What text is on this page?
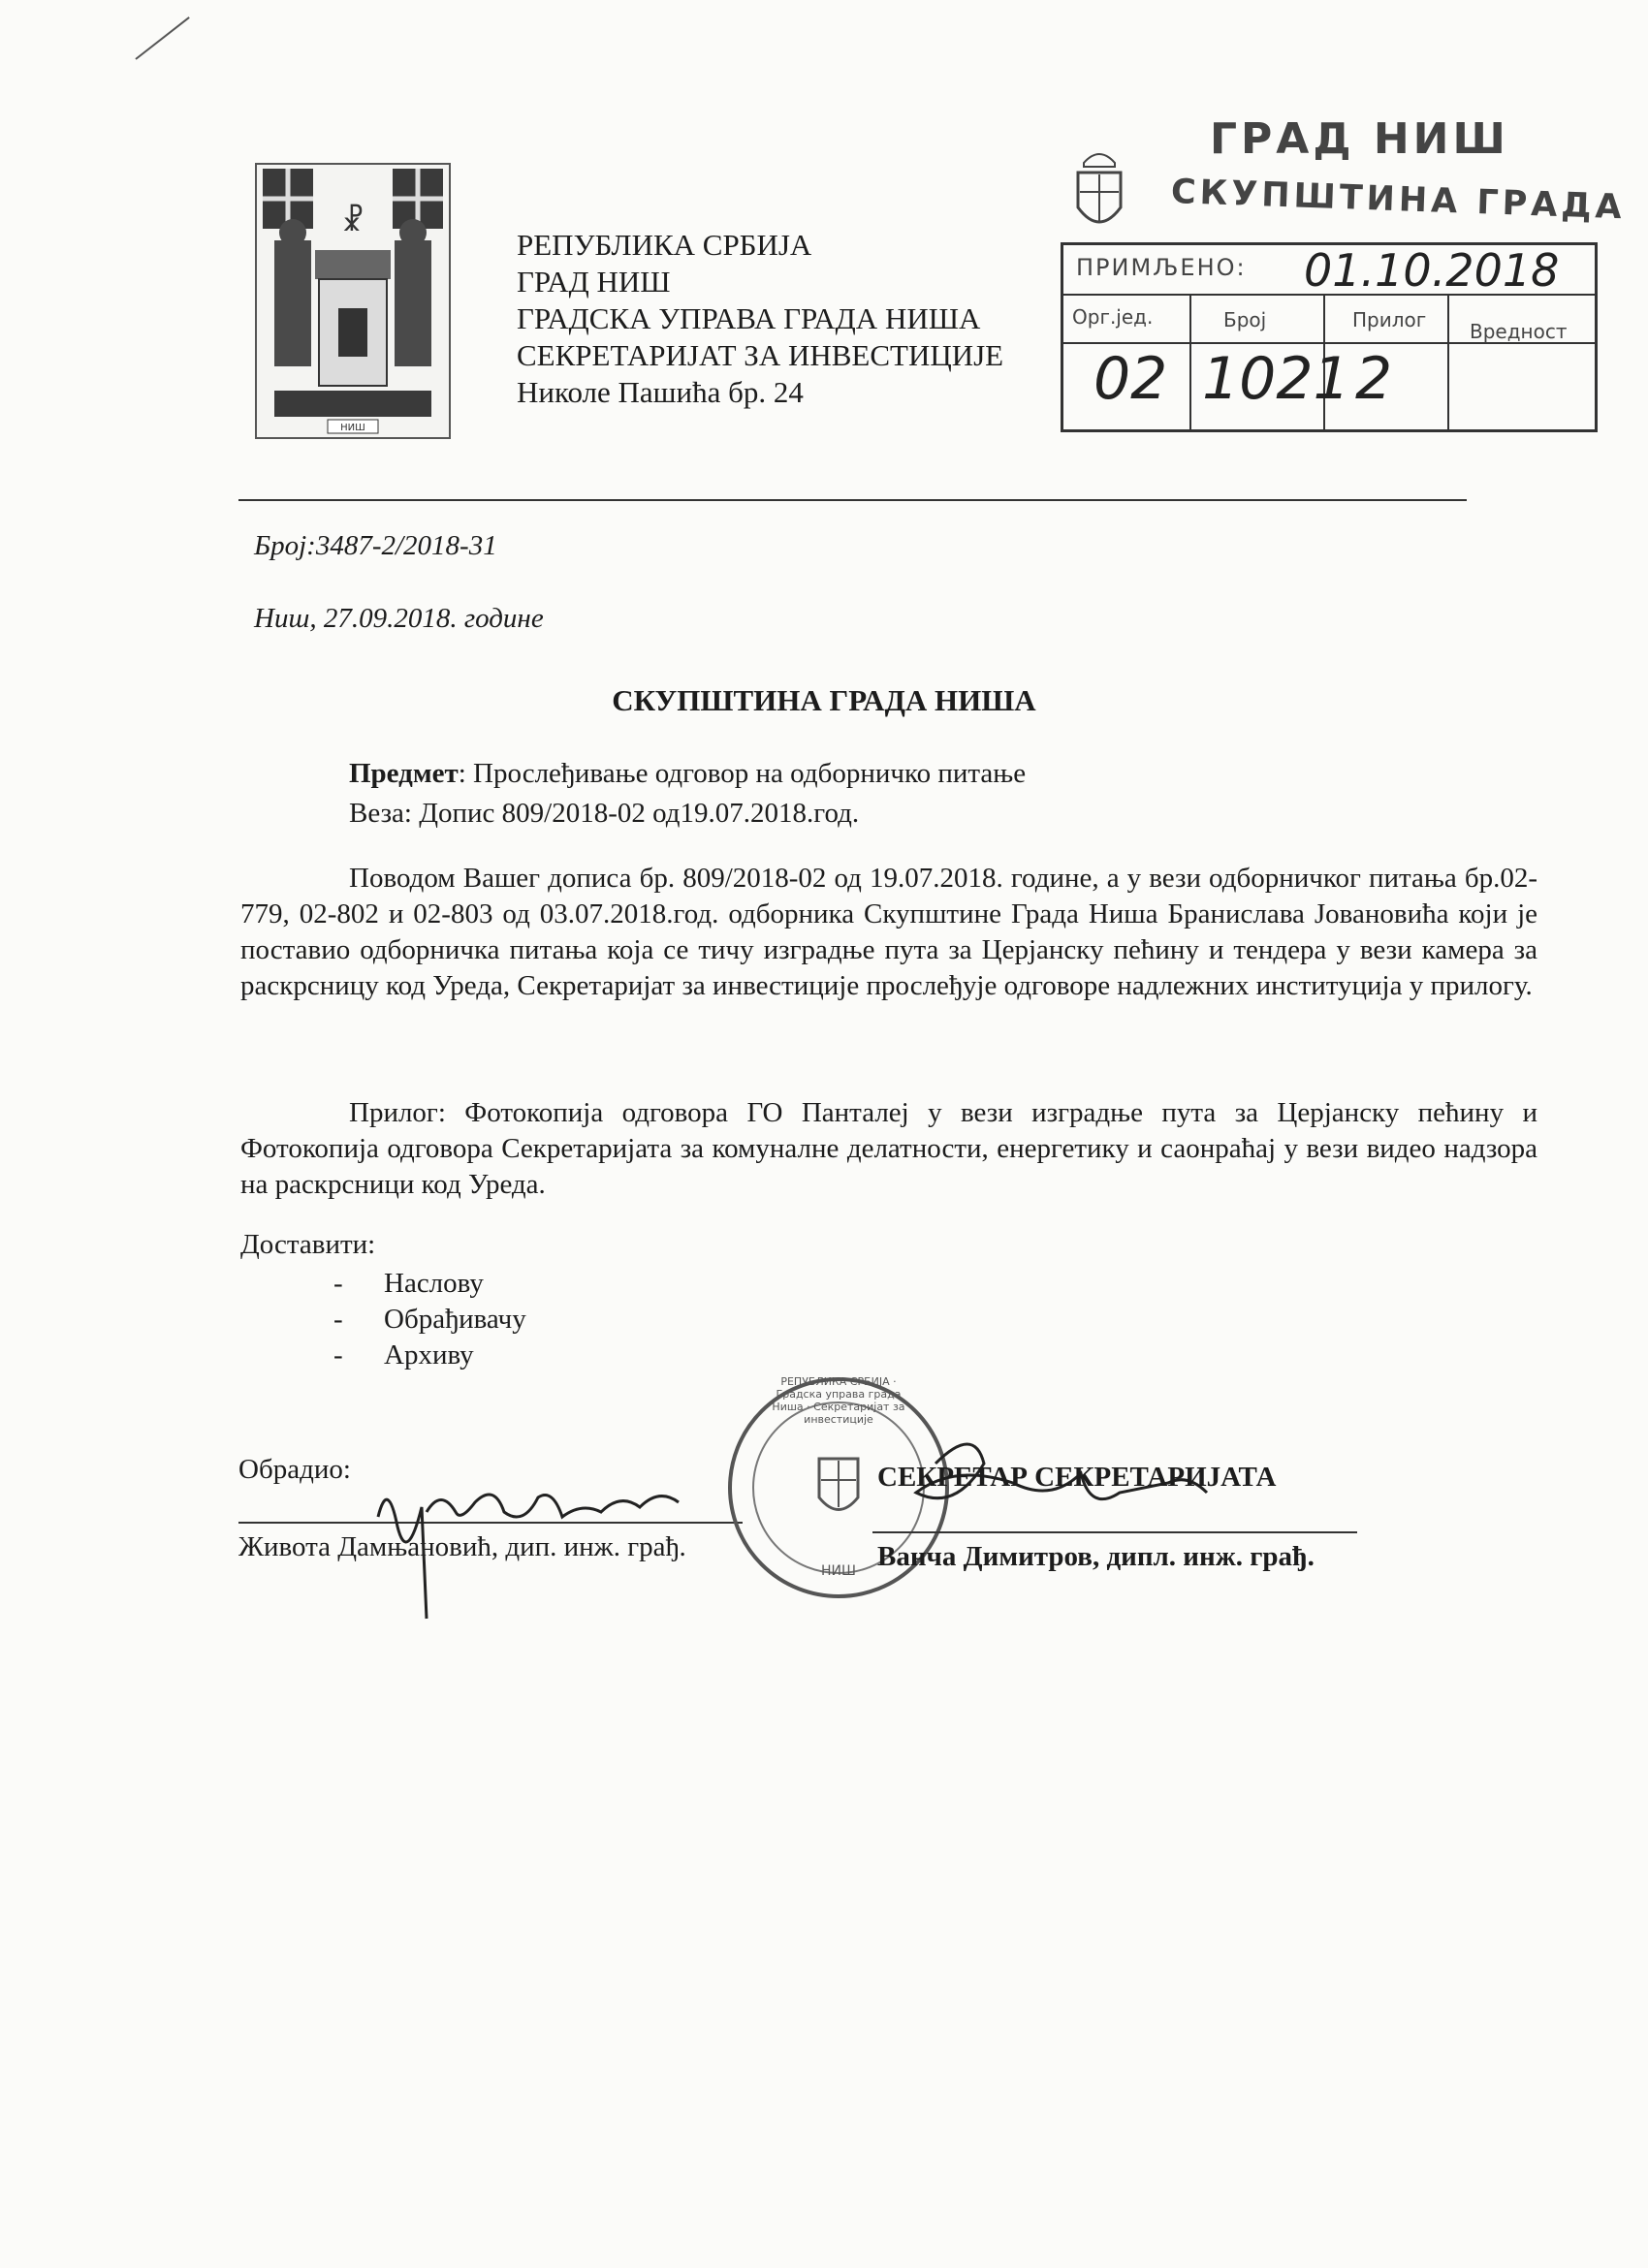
☧
НИШ
РЕПУБЛИКА СРБИЈА
ГРАД НИШ
ГРАДСКА УПРАВА ГРАДА НИША
СЕКРЕТАРИЈАТ ЗА ИНВЕСТИЦИЈЕ
Николе Пашића бр. 24
ГРАД НИШ
СКУПШТИНА ГРАДА
ПРИМЉЕНО: 01.10.2018
Орг.јед.	Број	Прилог Вредност
02 1021 2
Број:3487-2/2018-31
Ниш, 27.09.2018. године
СКУПШТИНА ГРАДА НИША
Предмет: Прослеђивање одговор на одборничко питање
Веза: Допис 809/2018-02 од19.07.2018.год.
Поводом Вашег дописа бр. 809/2018-02 од 19.07.2018. године, а у вези одборничког питања бр.02-779, 02-802 и 02-803 од 03.07.2018.год. одборника Скупштине Града Ниша Бранислава Јовановића који је поставио одборничка питања која се тичу изградње пута за Церјанску пећину и тендера у вези камера за раскрсницу код Уреда, Секретаријат за инвестиције прослеђује одговоре надлежних институција у прилогу.
Прилог: Фотокопија одговора ГО Панталеј у вези изградње пута за Церјанску пећину и Фотокопија одговора Секретаријата за комуналне делатности, енергетику и саонраћај у вези видео надзора на раскрсници код Уреда.
Доставити:
- Наслову
- Обрађивачу
- Архиву
Обрадио:
Живота Дамњановић, дип. инж. грађ.
РЕПУБЛИКА СРБИЈА · Градска управа града Ниша · Секретаријат за инвестиције
НИШ
СЕКРЕТАР СЕКРЕТАРИЈАТА
Ванча Димитров, дипл. инж. грађ.
